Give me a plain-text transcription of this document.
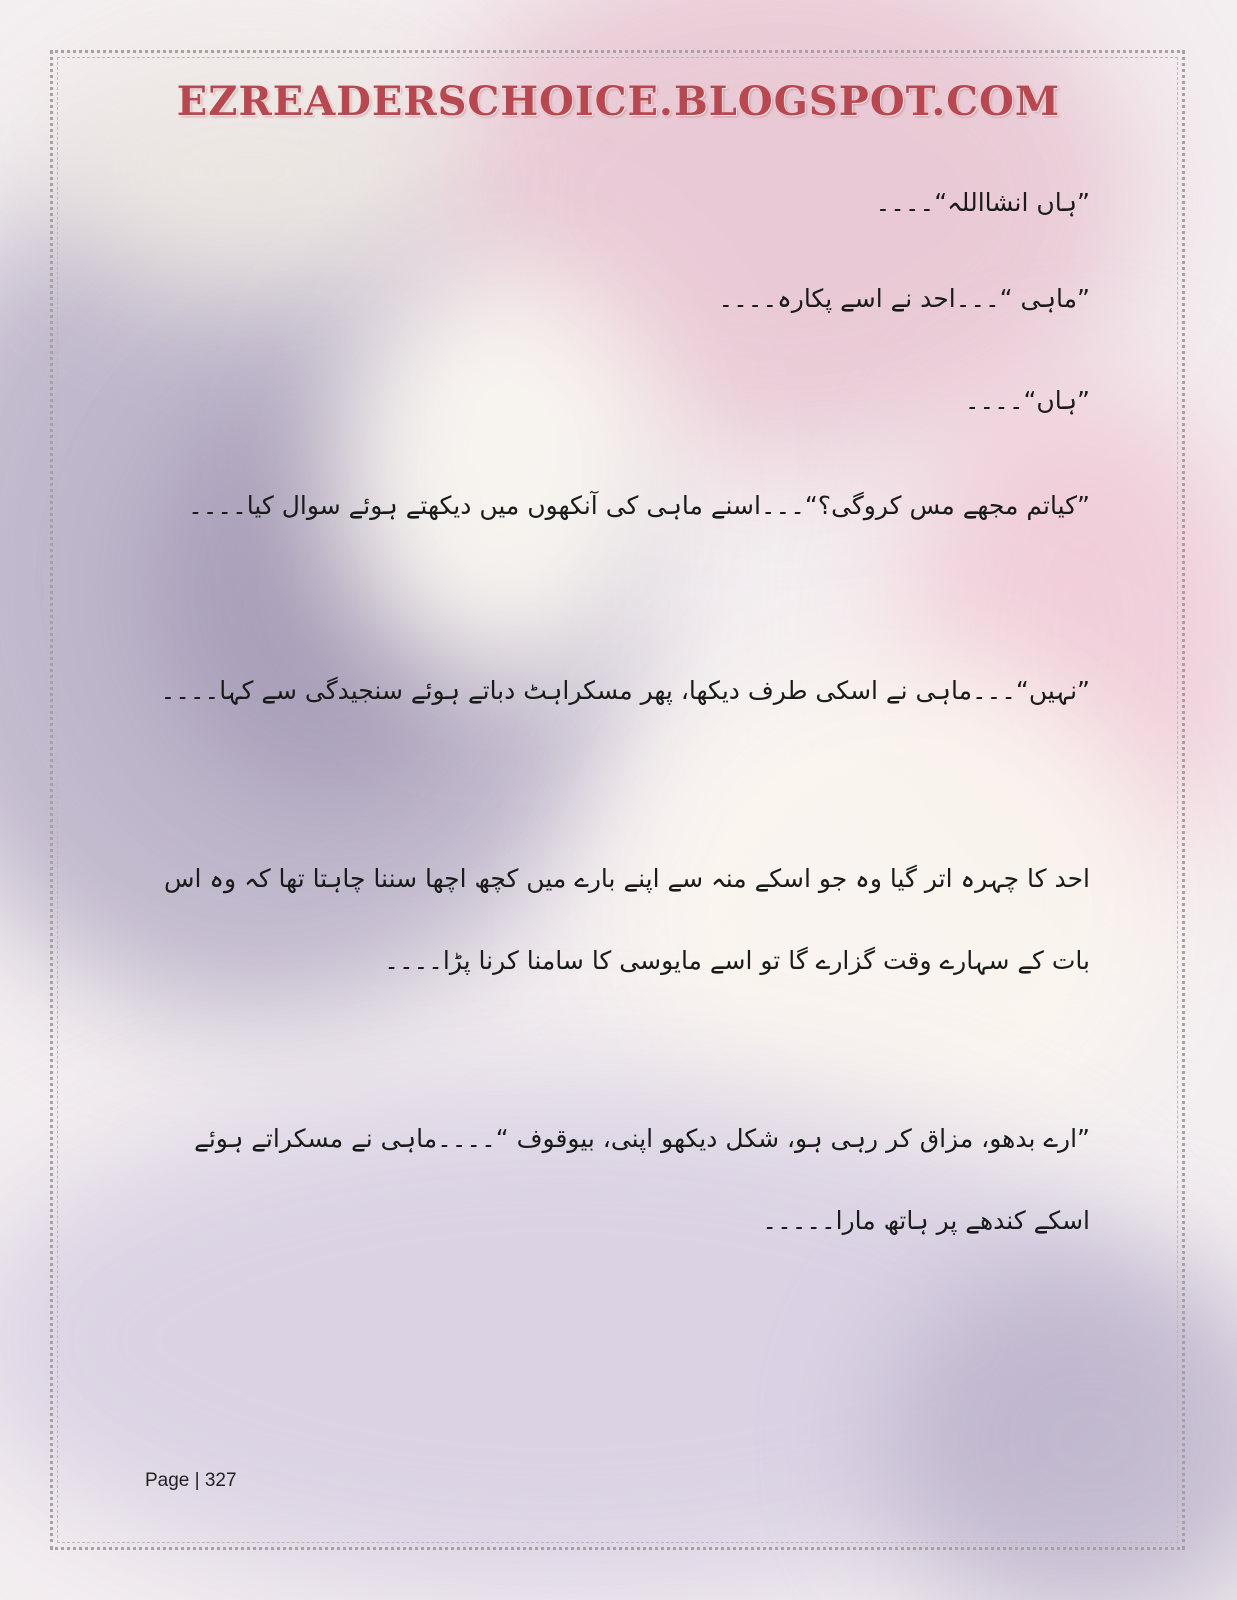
EZREADERSCHOICE.BLOGSPOT.COM
”ہاں انشااللہ“۔۔۔۔
”ماہی “۔۔۔احد نے اسے پکارہ۔۔۔۔
”ہاں“۔۔۔۔
”کیاتم مجھے مس کروگی؟“۔۔۔اسنے ماہی کی آنکھوں میں دیکھتے ہوئے سوال کیا۔۔۔۔
”نہیں“۔۔۔ماہی نے اسکی طرف دیکھا، پھر مسکراہٹ دباتے ہوئے سنجیدگی سے کہا۔۔۔۔
احد کا چہرہ اتر گیا وہ جو اسکے منہ سے اپنے بارے میں کچھ اچھا سننا چاہتا تھا کہ وہ اس بات کے سہارے وقت گزارے گا تو اسے مایوسی کا سامنا کرنا پڑا۔۔۔۔
”ارے بدھو، مزاق کر رہی ہو، شکل دیکھو اپنی، بیوقوف “۔۔۔۔ماہی نے مسکراتے ہوئے اسکے کندھے پر ہاتھ مارا۔۔۔۔۔
Page | 327
